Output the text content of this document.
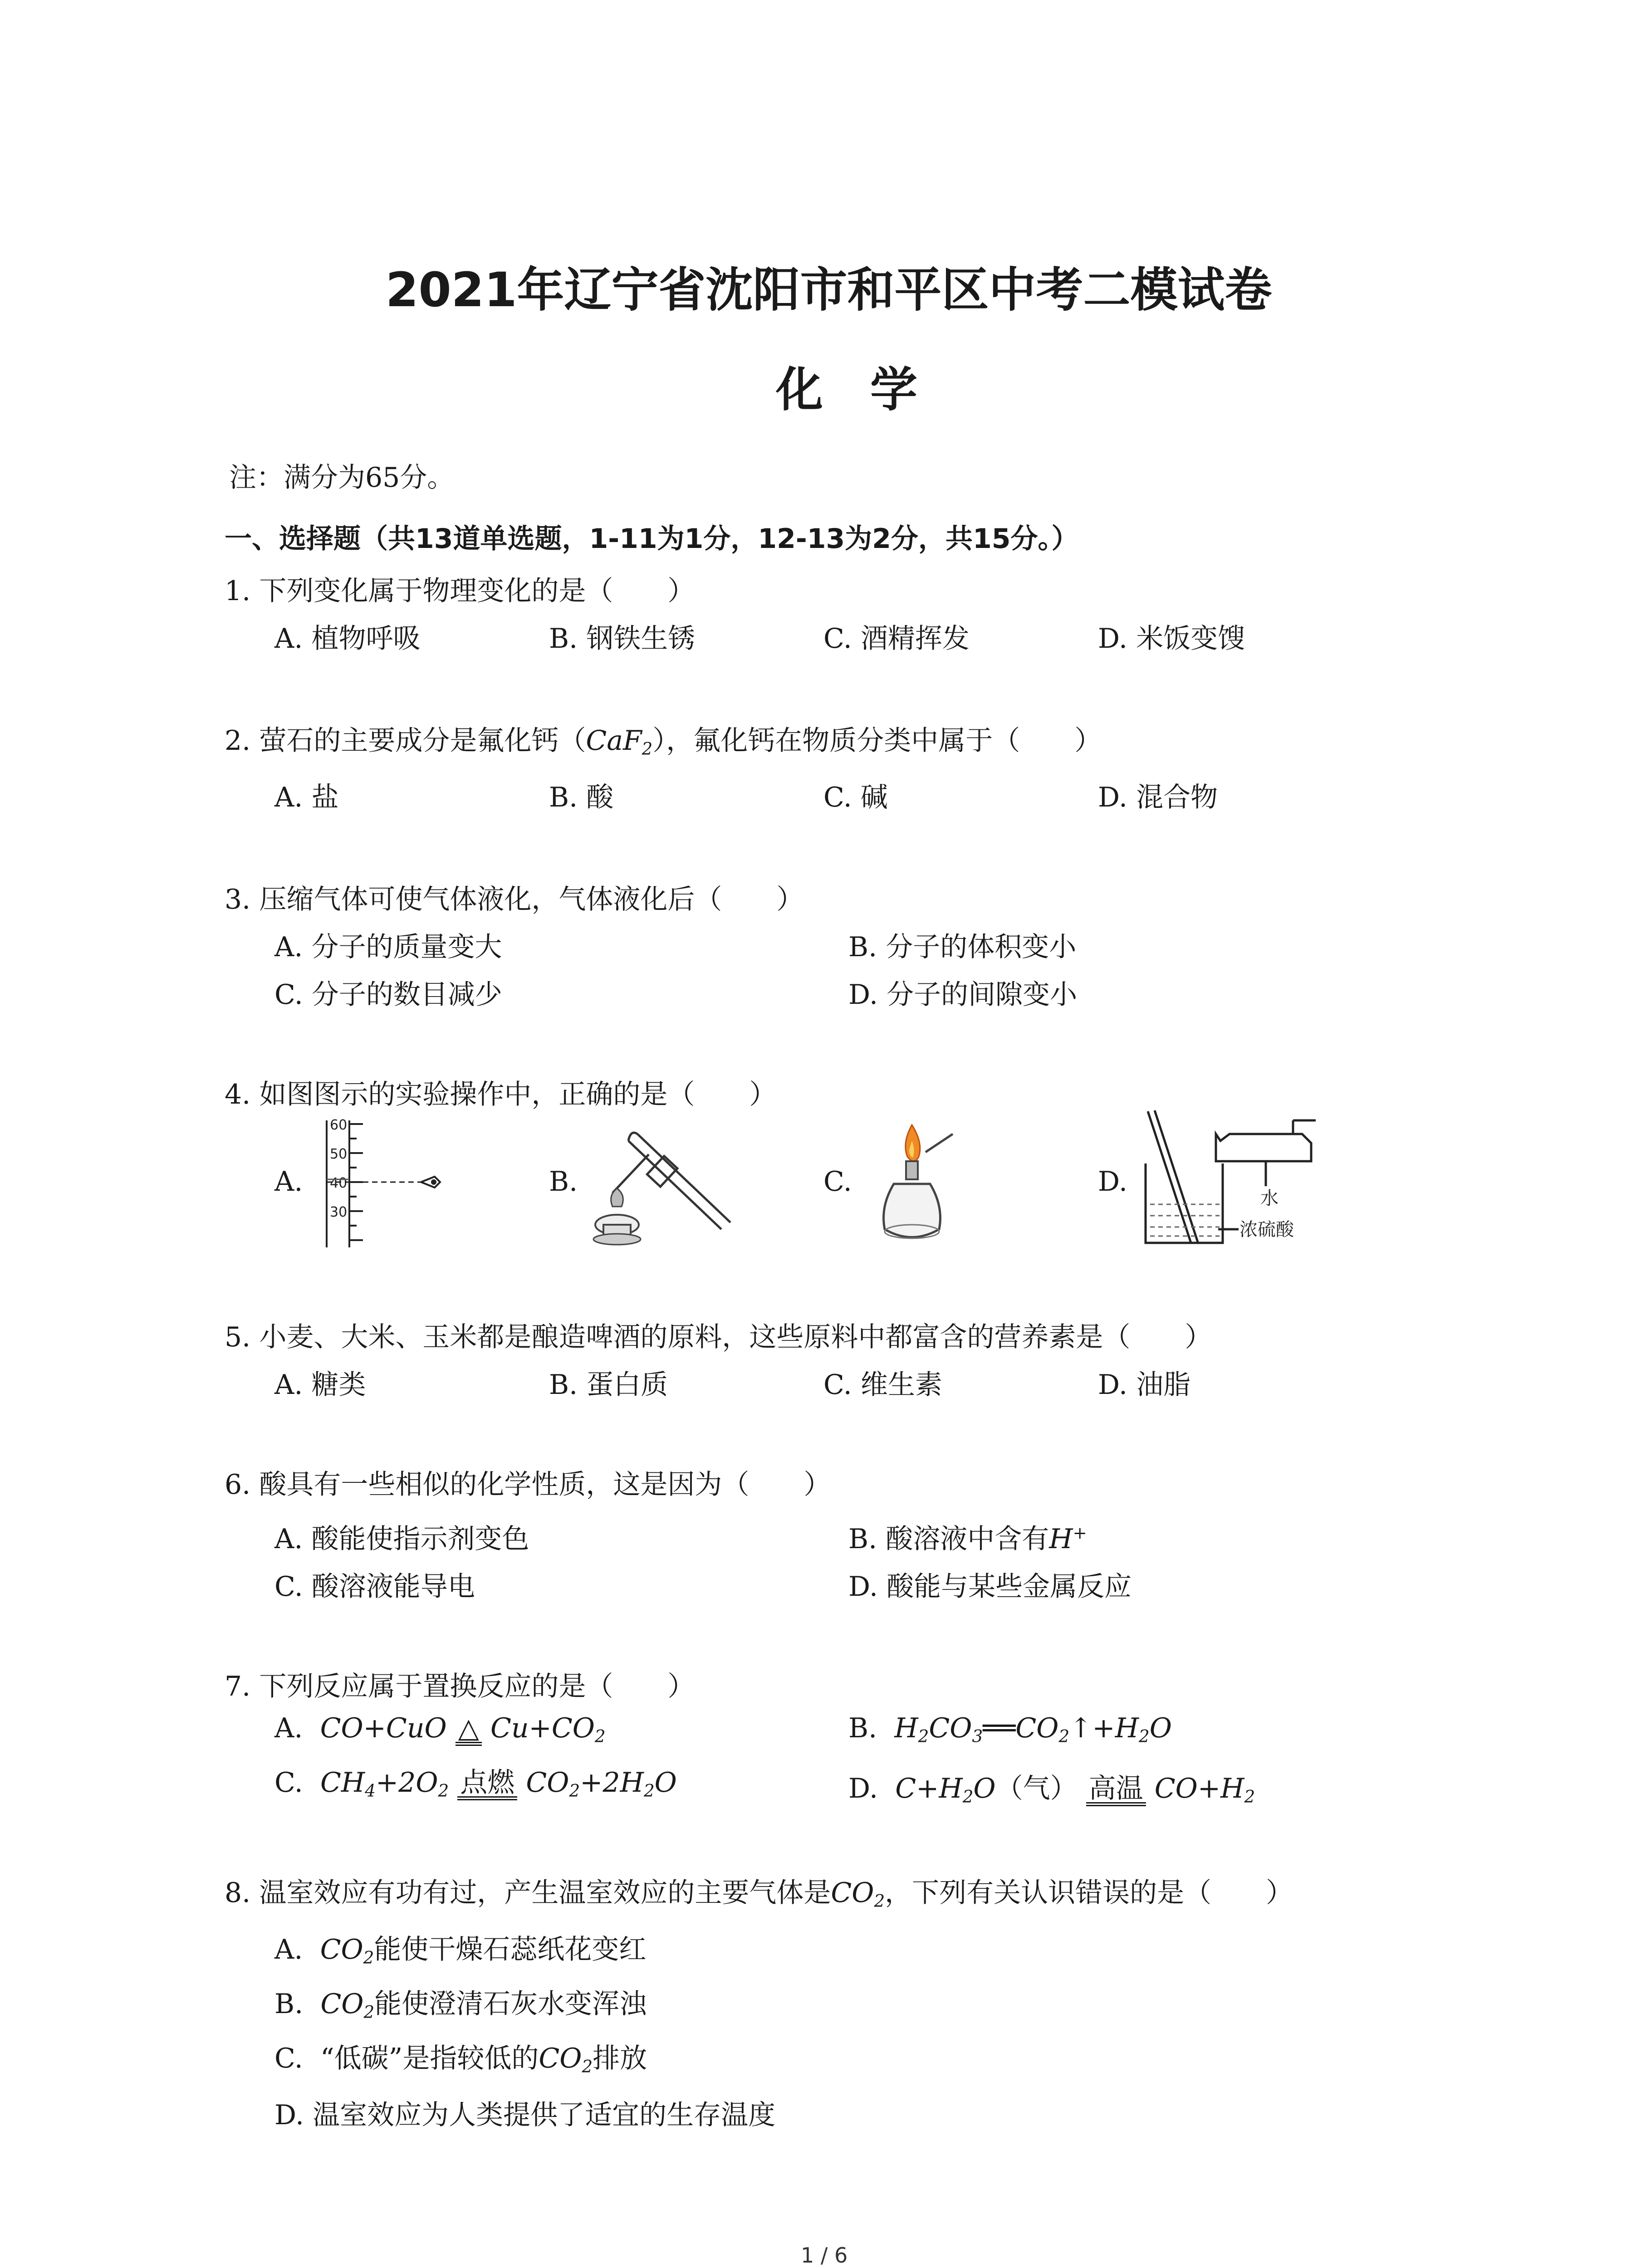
2021年辽宁省沈阳市和平区中考二模试卷
化　学
注：满分为65分。
一、选择题（共13道单选题，1-11为1分，12-13为2分，共15分。）
1. 下列变化属于物理变化的是（　　）
A. 植物呼吸	B. 钢铁生锈	C. 酒精挥发	D. 米饭变馊
2. 萤石的主要成分是氟化钙（CaF$_2$），氟化钙在物质分类中属于（　　）
A. 盐	B. 酸	C. 碱	D. 混合物
3. 压缩气体可使气体液化，气体液化后（　　）
A. 分子的质量变大	B. 分子的体积变小
C. 分子的数目减少	D. 分子的间隙变小
4. 如图图示的实验操作中，正确的是（　　）
A.	B.	C.	D.
60
50
40
30
水
浓硫酸
5. 小麦、大米、玉米都是酿造啤酒的原料，这些原料中都富含的营养素是（　　）
A. 糖类	B. 蛋白质	C. 维生素	D. 油脂
6. 酸具有一些相似的化学性质，这是因为（　　）
A. 酸能使指示剂变色	B. 酸溶液中含有H+
C. 酸溶液能导电	D. 酸能与某些金属反应
7. 下列反应属于置换反应的是（　　）
A. CO+CuO △ $Cu+CO_2$	B. $H_2CO_3══CO_2↑+H_2O$
C. $CH_4+2O_2$ 点燃 $CO_2+2H_2O$	D. $C+H_2O$（气） 高温 $CO+H_2$
8. 温室效应有功有过，产生温室效应的主要气体是$CO_2$，下列有关认识错误的是（　　）
A. $CO_2$能使干燥石蕊纸花变红
B. $CO_2$能使澄清石灰水变浑浊
C. “低碳”是指较低的$CO_2$排放
D. 温室效应为人类提供了适宜的生存温度
1 / 6
